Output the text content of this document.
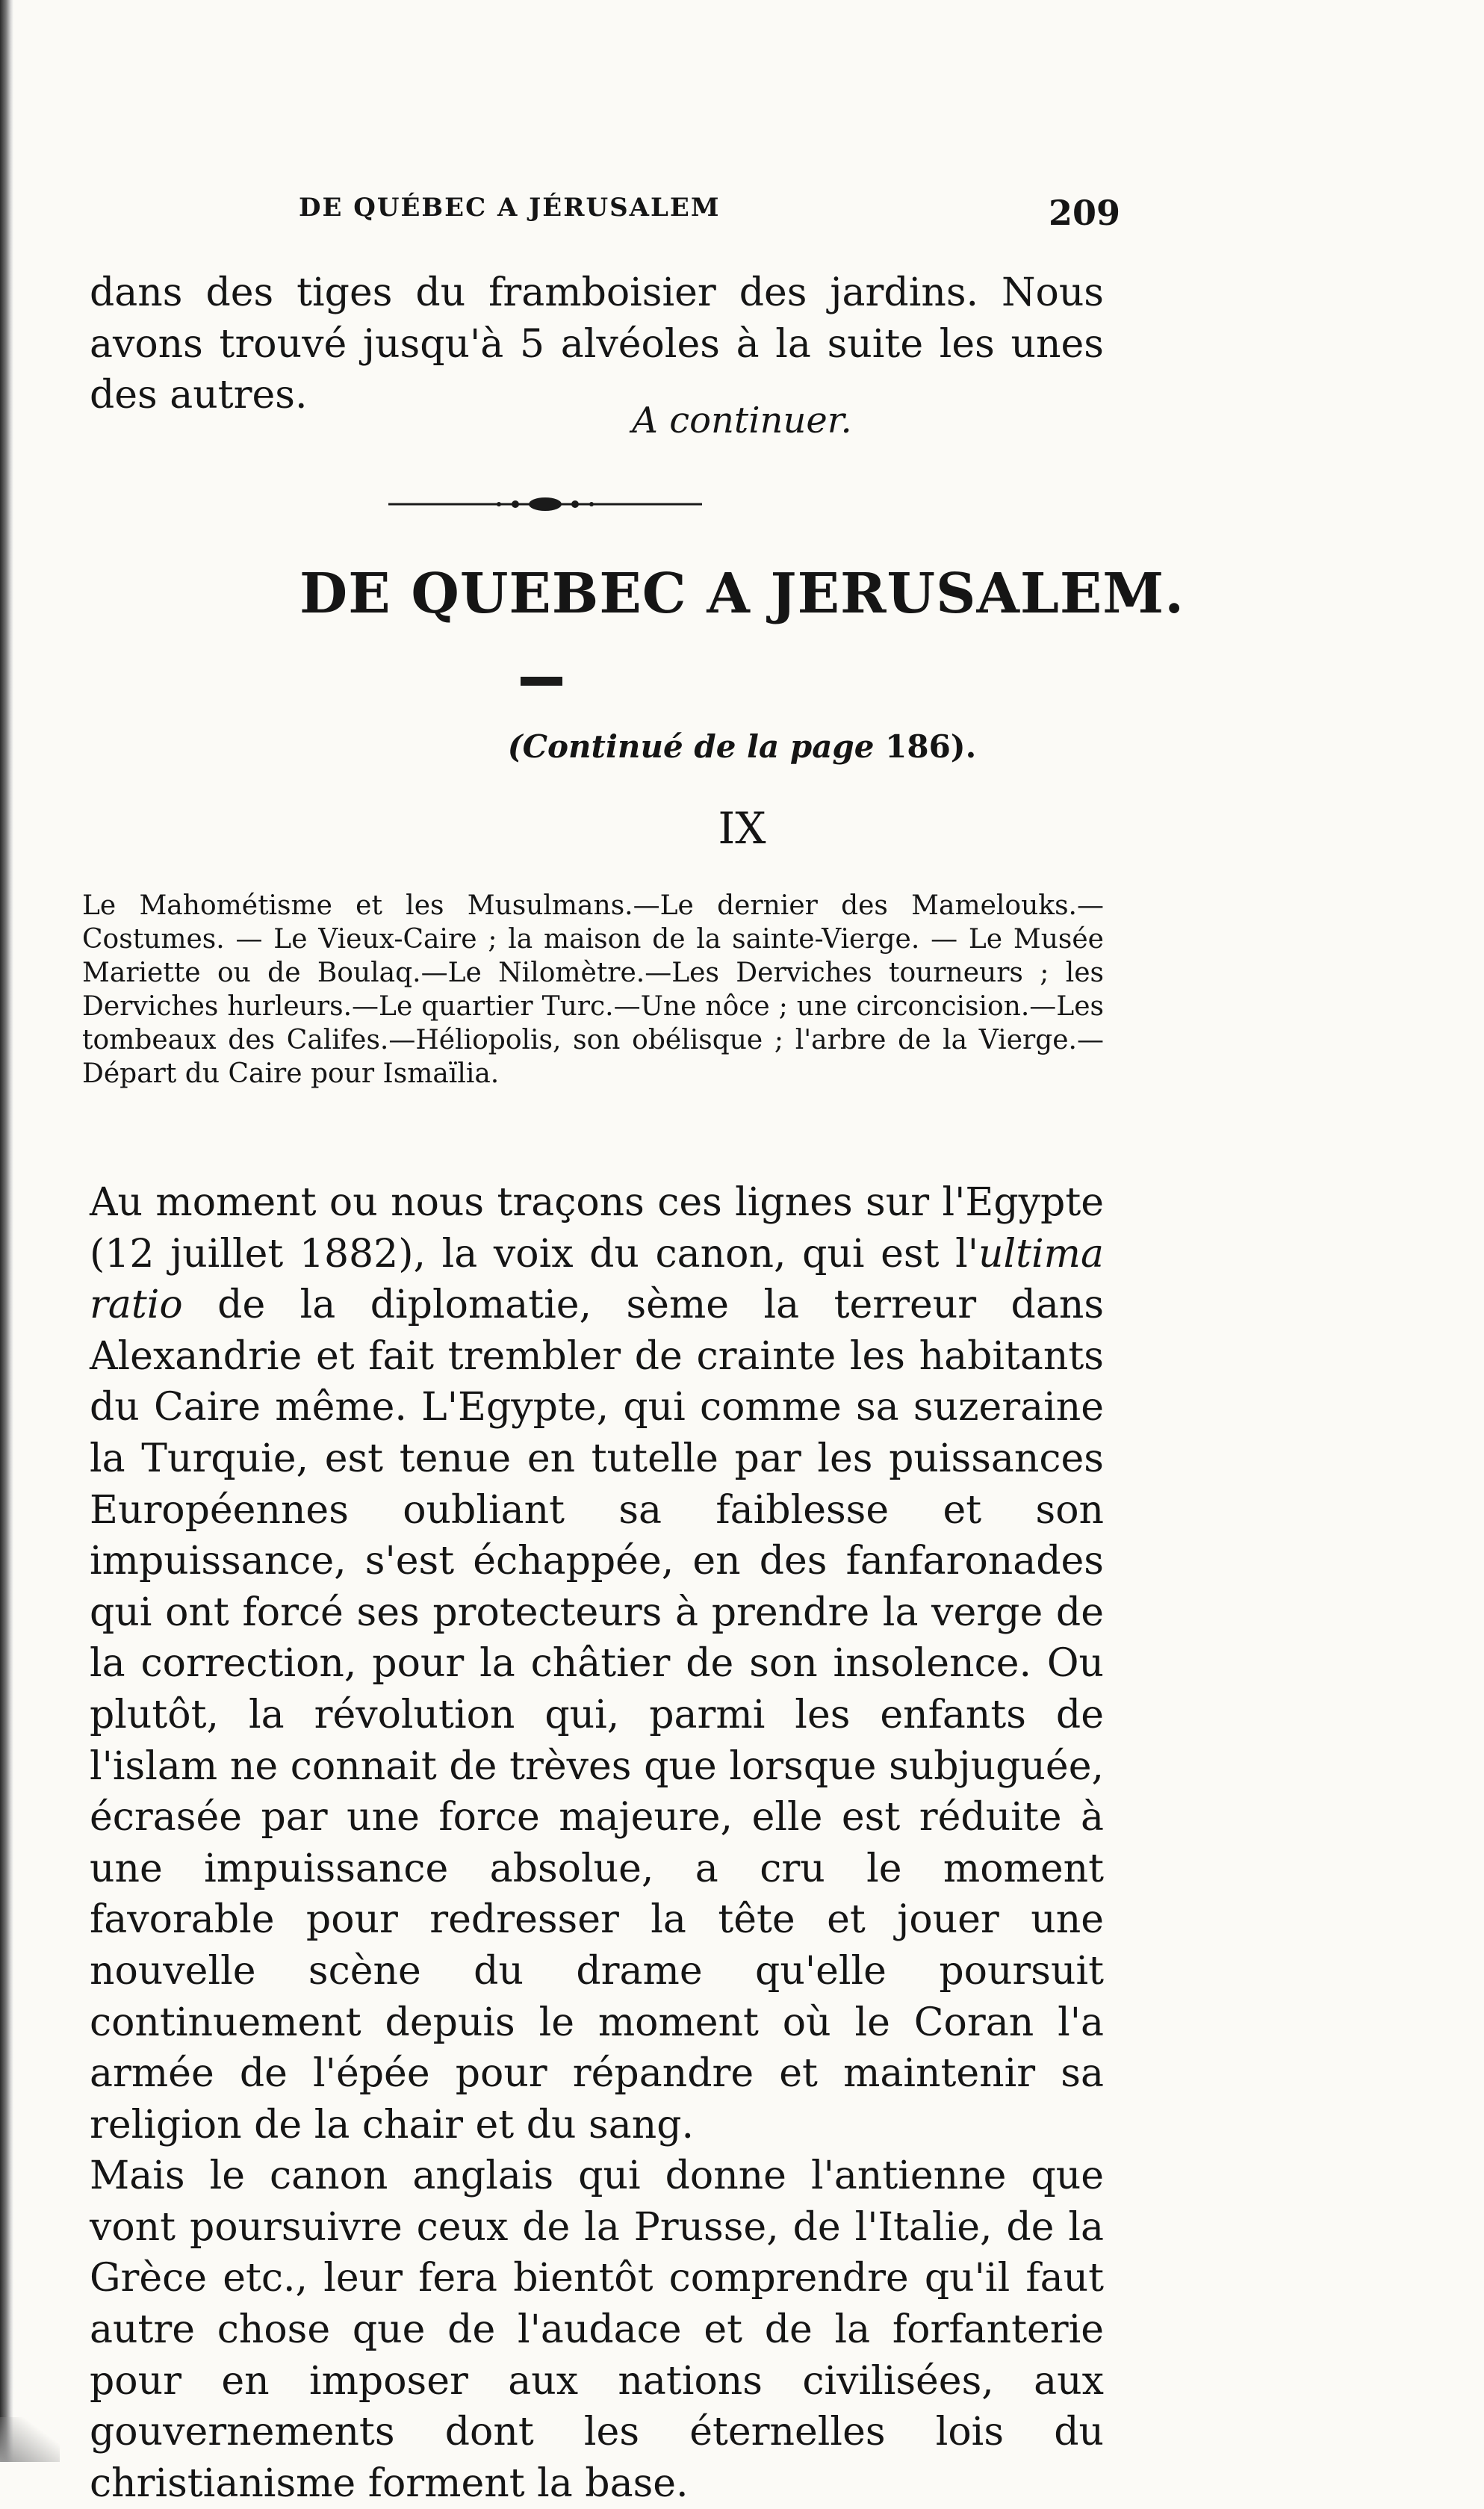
DE QUÉBEC A JÉRUSALEM	209

dans des tiges du framboisier des jardins. Nous avons trouvé jusqu'à 5 alvéoles à la suite les unes des autres.

A continuer.
DE QUEBEC A JERUSALEM.
(Continué de la page 186).
IX

Le Mahométisme et les Musulmans.—Le dernier des Mamelouks.—Costumes. — Le Vieux-Caire ; la maison de la sainte-Vierge. — Le Musée Mariette ou de Boulaq.—Le Nilomètre.—Les Derviches tourneurs ; les Derviches hurleurs.—Le quartier Turc.—Une nôce ; une circoncision.—Les tombeaux des Califes.—Héliopolis, son obélisque ; l'arbre de la Vierge.—Départ du Caire pour Ismaïlia.

Au moment ou nous traçons ces lignes sur l'Egypte (12 juillet 1882), la voix du canon, qui est l'ultima ratio de la diplomatie, sème la terreur dans Alexandrie et fait trembler de crainte les habitants du Caire même. L'Egypte, qui comme sa suzeraine la Turquie, est tenue en tutelle par les puissances Européennes oubliant sa faiblesse et son impuissance, s'est échappée, en des fanfaronades qui ont forcé ses protecteurs à prendre la verge de la correction, pour la châtier de son insolence. Ou plutôt, la révolution qui, parmi les enfants de l'islam ne connait de trèves que lorsque subjuguée, écrasée par une force majeure, elle est réduite à une impuissance absolue, a cru le moment favorable pour redresser la tête et jouer une nouvelle scène du drame qu'elle poursuit continuement depuis le moment où le Coran l'a armée de l'épée pour répandre et maintenir sa religion de la chair et du sang.

Mais le canon anglais qui donne l'antienne que vont poursuivre ceux de la Prusse, de l'Italie, de la Grèce etc., leur fera bientôt comprendre qu'il faut autre chose que de l'audace et de la forfanterie pour en imposer aux nations civilisées, aux gouvernements dont les éternelles lois du christianisme forment la base.
